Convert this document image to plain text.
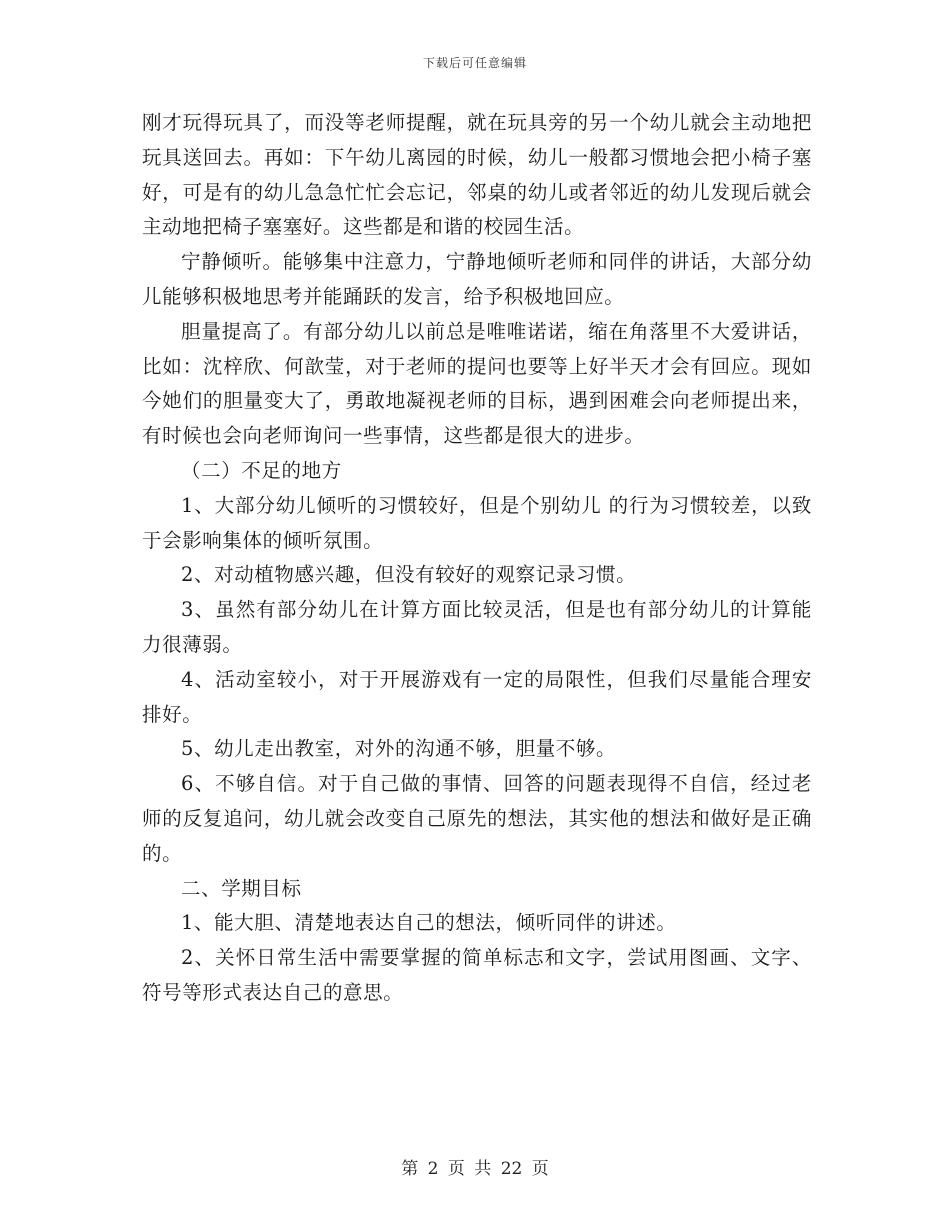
下载后可任意编辑

刚才玩得玩具了，而没等老师提醒，就在玩具旁的另一个幼儿就会主动地把玩具送回去。再如：下午幼儿离园的时候，幼儿一般都习惯地会把小椅子塞好，可是有的幼儿急急忙忙会忘记，邻桌的幼儿或者邻近的幼儿发现后就会主动地把椅子塞塞好。这些都是和谐的校园生活。

宁静倾听。能够集中注意力，宁静地倾听老师和同伴的讲话，大部分幼儿能够积极地思考并能踊跃的发言，给予积极地回应。

胆量提高了。有部分幼儿以前总是唯唯诺诺，缩在角落里不大爱讲话，比如：沈梓欣、何歆莹，对于老师的提问也要等上好半天才会有回应。现如今她们的胆量变大了，勇敢地凝视老师的目标，遇到困难会向老师提出来，有时候也会向老师询问一些事情，这些都是很大的进步。

（二）不足的地方

1、大部分幼儿倾听的习惯较好，但是个别幼儿 的行为习惯较差，以致于会影响集体的倾听氛围。

2、对动植物感兴趣，但没有较好的观察记录习惯。

3、虽然有部分幼儿在计算方面比较灵活，但是也有部分幼儿的计算能力很薄弱。

4、活动室较小，对于开展游戏有一定的局限性，但我们尽量能合理安排好。

5、幼儿走出教室，对外的沟通不够，胆量不够。

6、不够自信。对于自己做的事情、回答的问题表现得不自信，经过老师的反复追问，幼儿就会改变自己原先的想法，其实他的想法和做好是正确的。

二、学期目标

1、能大胆、清楚地表达自己的想法，倾听同伴的讲述。

2、关怀日常生活中需要掌握的简单标志和文字，尝试用图画、文字、符号等形式表达自己的意思。

第 2 页 共 22 页
